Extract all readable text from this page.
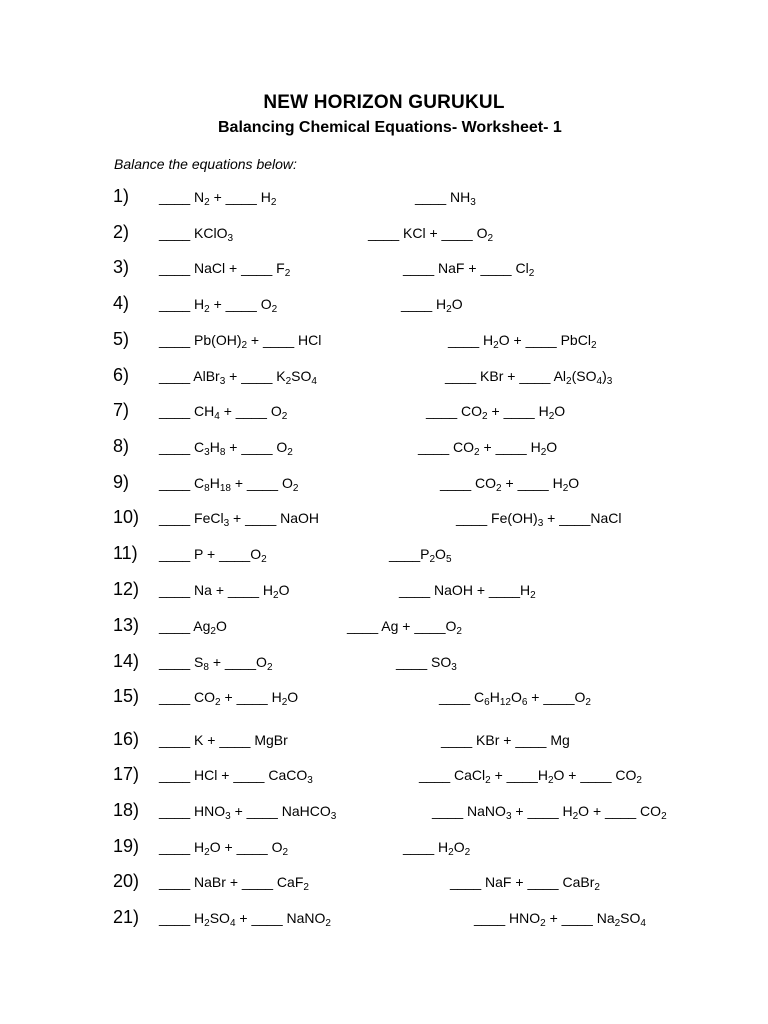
NEW HORIZON GURUKUL
Balancing Chemical Equations- Worksheet- 1
Balance the equations below:
1) ____ $N_2$ + ____ $H_2$	____ $NH_3$
2) ____ KClO$_3$	____ KCl + ____ $O_2$
3) ____ NaCl + ____ $F_2$	____ NaF + ____ $Cl_2$
4) ____ $H_2$ + ____ $O_2$	____ $H_2O$
5) ____ $Pb(OH)_2$ + ____ HCl	____ $H_2O$ + ____ PbCl$_2$
6) ____ AlBr$_3$ + ____ $K_2SO_4$	____ KBr + ____ $Al_2(SO_4)_3$
7) ____ $CH_4$ + ____ $O_2$	____ $CO_2$ + ____ $H_2O$
8) ____ $C_3H_8$ + ____ $O_2$	____ $CO_2$ + ____ $H_2O$
9) ____ $C_8H_{18}$ + ____ $O_2$	____ $CO_2$ + ____ $H_2O$
10) ____ FeCl$_3$ + ____ NaOH	____ $Fe(OH)_3$ + ____NaCl
11) ____ $P + \_\_\_\_O_2$	$\_\_\_\_P_2O_5$
12) ____ Na + ____ $H_2O$	____ NaOH + $\_\_\_\_H_2$
13) ____ $Ag_2O$	____ $Ag + \_\_\_\_O_2$
14) ____ $S_8$ + $\_\_\_\_O_2$	____ $SO_3$
15) ____ $CO_2$ + ____ $H_2O$	____ $C_6H_{12}O_6$ + $\_\_\_\_O_2$
16) ____ K + ____ MgBr	____ KBr + ____ Mg
17) ____ HCl + ____ CaCO$_3$	____ CaCl$_2$ + $\_\_\_\_H_2O$ + ____ $CO_2$
18) ____ $HNO_3$ + ____ NaHCO$_3$	____ NaNO$_3$ + ____ $H_2O$ + ____ $CO_2$
19) ____ $H_2O$ + ____ $O_2$	____ $H_2O_2$
20) ____ NaBr + ____ CaF$_2$	____ NaF + ____ CaBr$_2$
21) ____ $H_2SO_4$ + ____ NaNO$_2$	____ $HNO_2$ + ____ $Na_2SO_4$
